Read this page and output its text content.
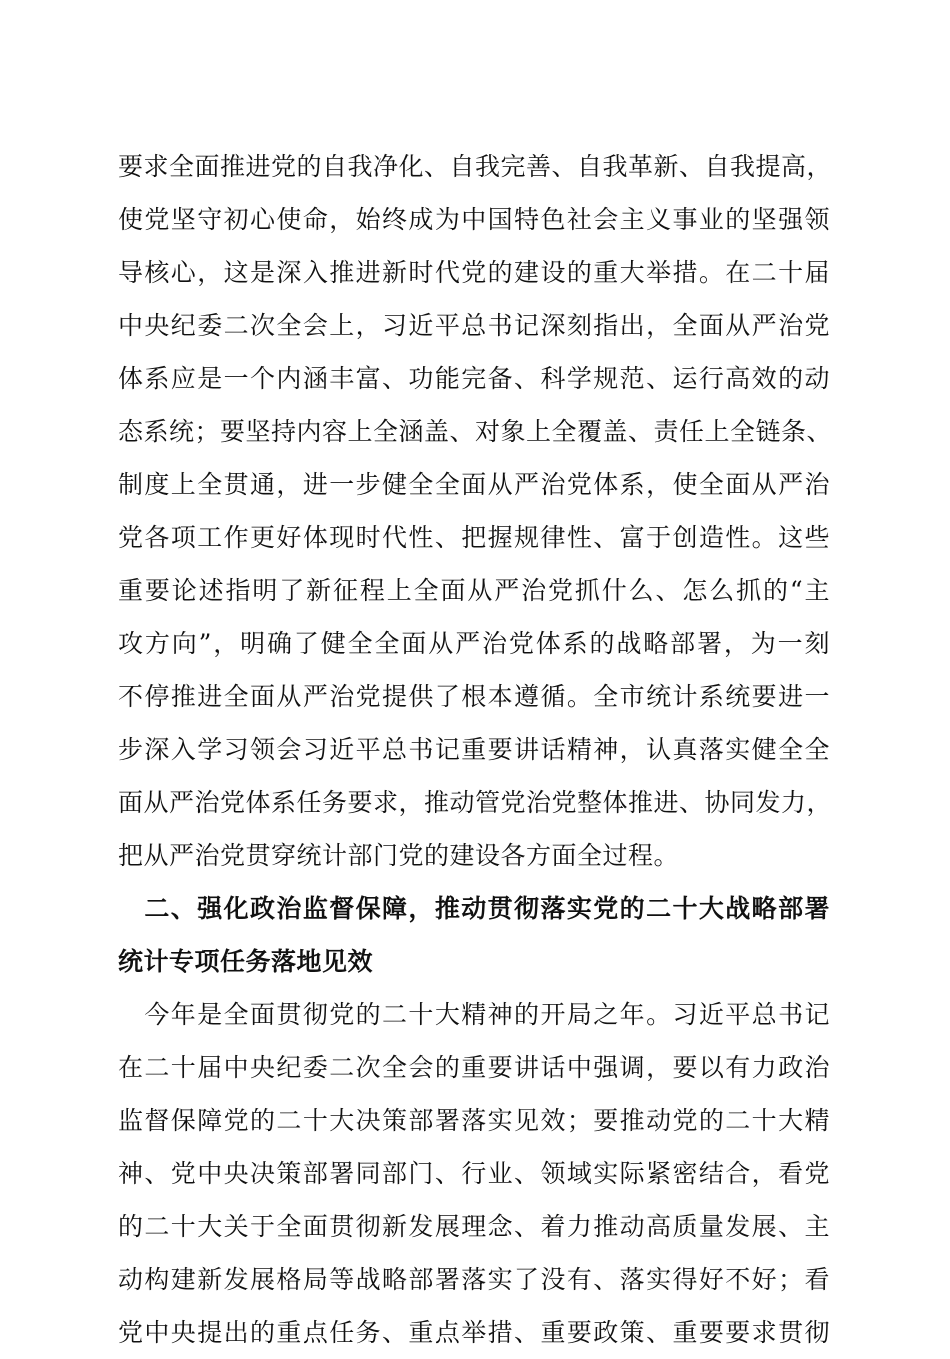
要求全面推进党的自我净化、自我完善、自我革新、自我提高，
使党坚守初心使命，始终成为中国特色社会主义事业的坚强领
导核心，这是深入推进新时代党的建设的重大举措。在二十届
中央纪委二次全会上，习近平总书记深刻指出，全面从严治党
体系应是一个内涵丰富、功能完备、科学规范、运行高效的动
态系统；要坚持内容上全涵盖、对象上全覆盖、责任上全链条、
制度上全贯通，进一步健全全面从严治党体系，使全面从严治
党各项工作更好体现时代性、把握规律性、富于创造性。这些
重要论述指明了新征程上全面从严治党抓什么、怎么抓的“主
攻方向”，明确了健全全面从严治党体系的战略部署，为一刻
不停推进全面从严治党提供了根本遵循。全市统计系统要进一
步深入学习领会习近平总书记重要讲话精神，认真落实健全全
面从严治党体系任务要求，推动管党治党整体推进、协同发力，
把从严治党贯穿统计部门党的建设各方面全过程。
　二、强化政治监督保障，推动贯彻落实党的二十大战略部署
统计专项任务落地见效
　今年是全面贯彻党的二十大精神的开局之年。习近平总书记
在二十届中央纪委二次全会的重要讲话中强调，要以有力政治
监督保障党的二十大决策部署落实见效；要推动党的二十大精
神、党中央决策部署同部门、行业、领域实际紧密结合，看党
的二十大关于全面贯彻新发展理念、着力推动高质量发展、主
动构建新发展格局等战略部署落实了没有、落实得好不好；看
党中央提出的重点任务、重点举措、重要政策、重要要求贯彻
